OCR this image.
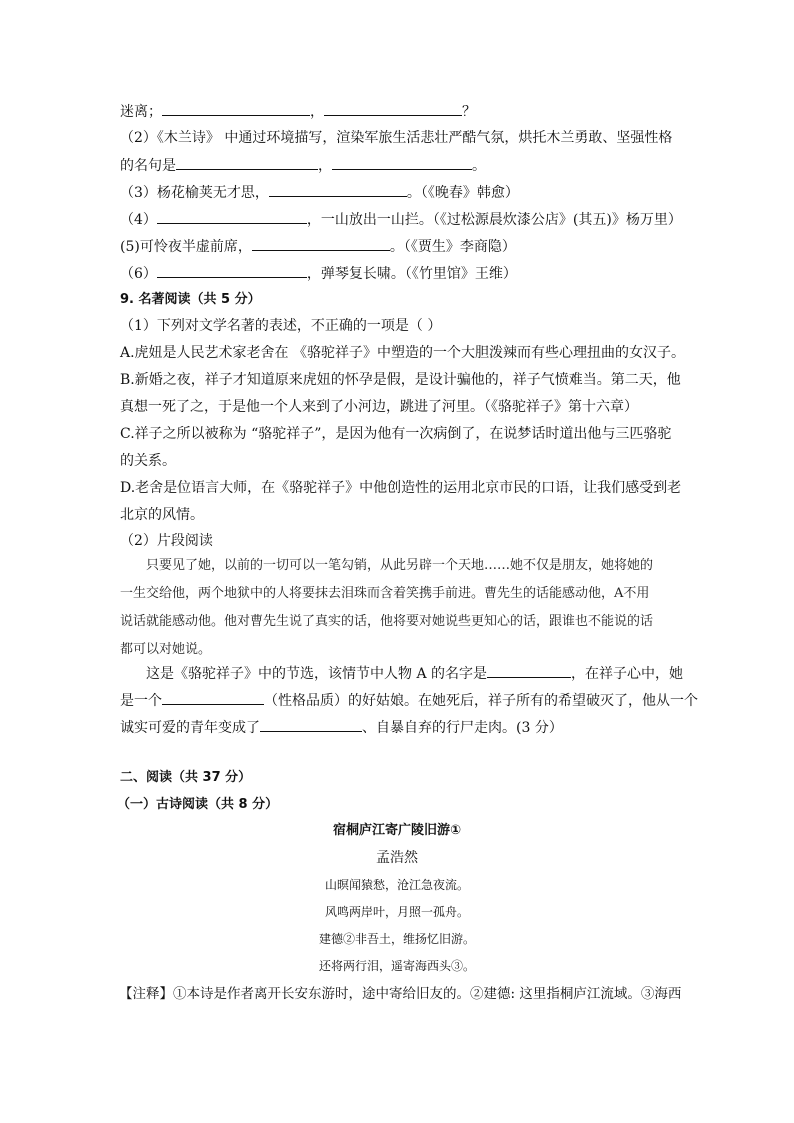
迷离；	，	？
（2）《木兰诗》 中通过环境描写，渲染军旅生活悲壮严酷气氛，烘托木兰勇敢、坚强性格
的名句是	，	。
（3）杨花榆荚无才思，	。（《晚春》韩愈）
（4）	，一山放出一山拦。（《过松源晨炊漆公店》(其五)》杨万里）
(5)可怜夜半虚前席，	。（《贾生》李商隐）
（6）	，弹琴复长啸。（《竹里馆》王维）
9. 名著阅读（共 5 分）
（1）下列对文学名著的表述，不正确的一项是（ ）
A.虎妞是人民艺术家老舍在 《骆驼祥子》中塑造的一个大胆泼辣而有些心理扭曲的女汉子。
B.新婚之夜，祥子才知道原来虎妞的怀孕是假，是设计骗他的，祥子气愤难当。第二天，他
真想一死了之，于是他一个人来到了小河边，跳进了河里。（《骆驼祥子》第十六章）
C.祥子之所以被称为 “骆驼祥子”，是因为他有一次病倒了，在说梦话时道出他与三匹骆驼
的关系。
D.老舍是位语言大师，在《骆驼祥子》中他创造性的运用北京市民的口语，让我们感受到老
北京的风情。
（2）片段阅读

只要见了她，以前的一切可以一笔勾销，从此另辟一个天地……她不仅是朋友，她将她的一生交给他，两个地狱中的人将要抹去泪珠而含着笑携手前进。曹先生的话能感动他，A不用说话就能感动他。他对曹先生说了真实的话，他将要对她说些更知心的话，跟谁也不能说的话都可以对她说。

这是《骆驼祥子》中的节选，该情节中人物 A 的名字是	，在祥子心中，她
是一个	（性格品质）的好姑娘。在她死后，祥子所有的希望破灭了，他从一个
诚实可爱的青年变成了	、自暴自弃的行尸走肉。(3 分）
二、阅读（共 37 分）
（一）古诗阅读（共 8 分）
宿桐庐江寄广陵旧游①
孟浩然
山暝闻猿愁，沧江急夜流。
风鸣两岸叶，月照一孤舟。
建德②非吾土，维扬忆旧游。
还将两行泪，遥寄海西头③。
【注释】①本诗是作者离开长安东游时，途中寄给旧友的。②建德: 这里指桐庐江流域。③海西
